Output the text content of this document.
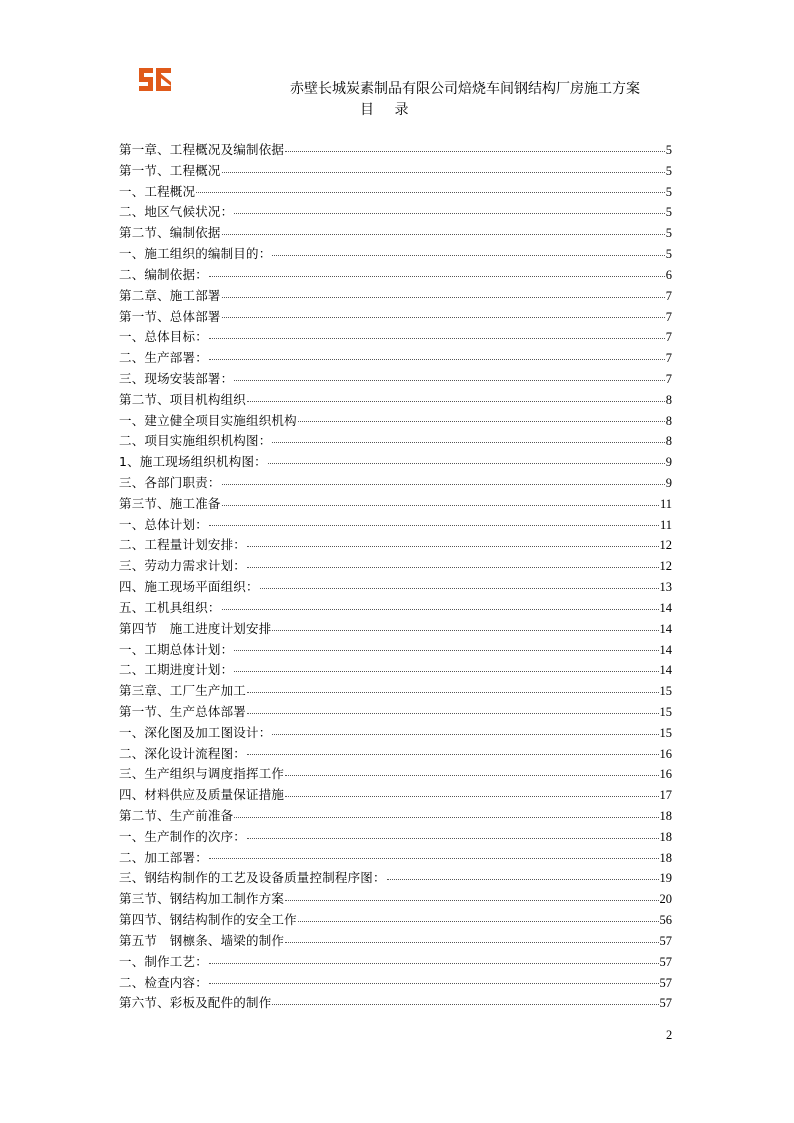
赤壁长城炭素制品有限公司焙烧车间钢结构厂房施工方案
目 录
第一章、工程概况及编制依据	5
第一节、工程概况	5
一、工程概况	5
二、地区气候状况：	5
第二节、编制依据	5
一、施工组织的编制目的：	5
二、编制依据：	6
第二章、施工部署	7
第一节、总体部署	7
一、总体目标：	7
二、生产部署：	7
三、现场安装部署：	7
第二节、项目机构组织	8
一、建立健全项目实施组织机构	8
二、项目实施组织机构图：	8
1、施工现场组织机构图：	9
三、各部门职责：	9
第三节、施工准备	11
一、总体计划：	11
二、工程量计划安排：	12
三、劳动力需求计划：	12
四、施工现场平面组织：	13
五、工机具组织：	14
第四节　施工进度计划安排	14
一、工期总体计划：	14
二、工期进度计划：	14
第三章、工厂生产加工	15
第一节、生产总体部署	15
一、深化图及加工图设计：	15
二、深化设计流程图：	16
三、生产组织与调度指挥工作	16
四、材料供应及质量保证措施	17
第二节、生产前准备	18
一、生产制作的次序：	18
二、加工部署：	18
三、钢结构制作的工艺及设备质量控制程序图：	19
第三节、钢结构加工制作方案	20
第四节、钢结构制作的安全工作	56
第五节　钢檩条、墙梁的制作	57
一、制作工艺：	57
二、检查内容：	57
第六节、彩板及配件的制作	57
2
